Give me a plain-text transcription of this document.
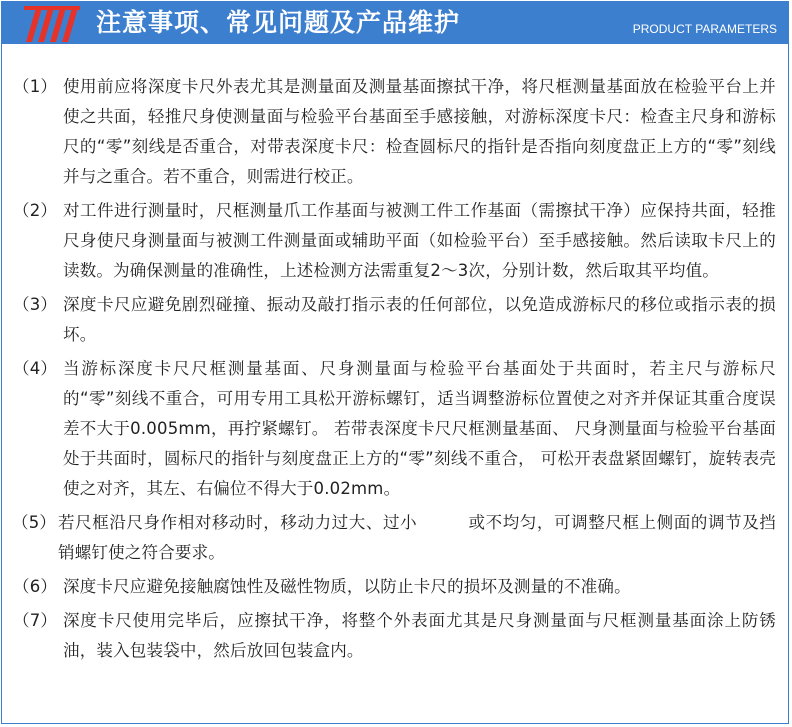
注意事项、常见问题及产品维护	PRODUCT PARAMETERS
（1） 使用前应将深度卡尺外表尤其是测量面及测量基面擦拭干净，将尺框测量基面放在检验平台上并使之共面，轻推尺身使测量面与检验平台基面至手感接触，对游标深度卡尺：检查主尺身和游标尺的“零”刻线是否重合，对带表深度卡尺：检查圆标尺的指针是否指向刻度盘正上方的“零”刻线并与之重合。若不重合，则需进行校正。
（2） 对工件进行测量时，尺框测量爪工作基面与被测工件工作基面（需擦拭干净）应保持共面，轻推尺身使尺身测量面与被测工件测量面或辅助平面（如检验平台）至手感接触。然后读取卡尺上的读数。为确保测量的准确性，上述检测方法需重复2～3次，分别计数，然后取其平均值。
（3） 深度卡尺应避免剧烈碰撞、振动及敲打指示表的任何部位，以免造成游标尺的移位或指示表的损坏。
（4） 当游标深度卡尺尺框测量基面、尺身测量面与检验平台基面处于共面时，若主尺与游标尺的“零”刻线不重合，可用专用工具松开游标螺钉，适当调整游标位置使之对齐并保证其重合度误差不大于0.005mm，再拧紧螺钉。 若带表深度卡尺尺框测量基面、 尺身测量面与检验平台基面处于共面时，圆标尺的指针与刻度盘正上方的“零”刻线不重合， 可松开表盘紧固螺钉，旋转表壳使之对齐，其左、右偏位不得大于0.02mm。
（5） 若尺框沿尺身作相对移动时，移动力过大、过小　　　或不均匀，可调整尺框上侧面的调节及挡销螺钉使之符合要求。
（6） 深度卡尺应避免接触腐蚀性及磁性物质，以防止卡尺的损坏及测量的不准确。
（7） 深度卡尺使用完毕后，应擦拭干净，将整个外表面尤其是尺身测量面与尺框测量基面涂上防锈油，装入包装袋中，然后放回包装盒内。
